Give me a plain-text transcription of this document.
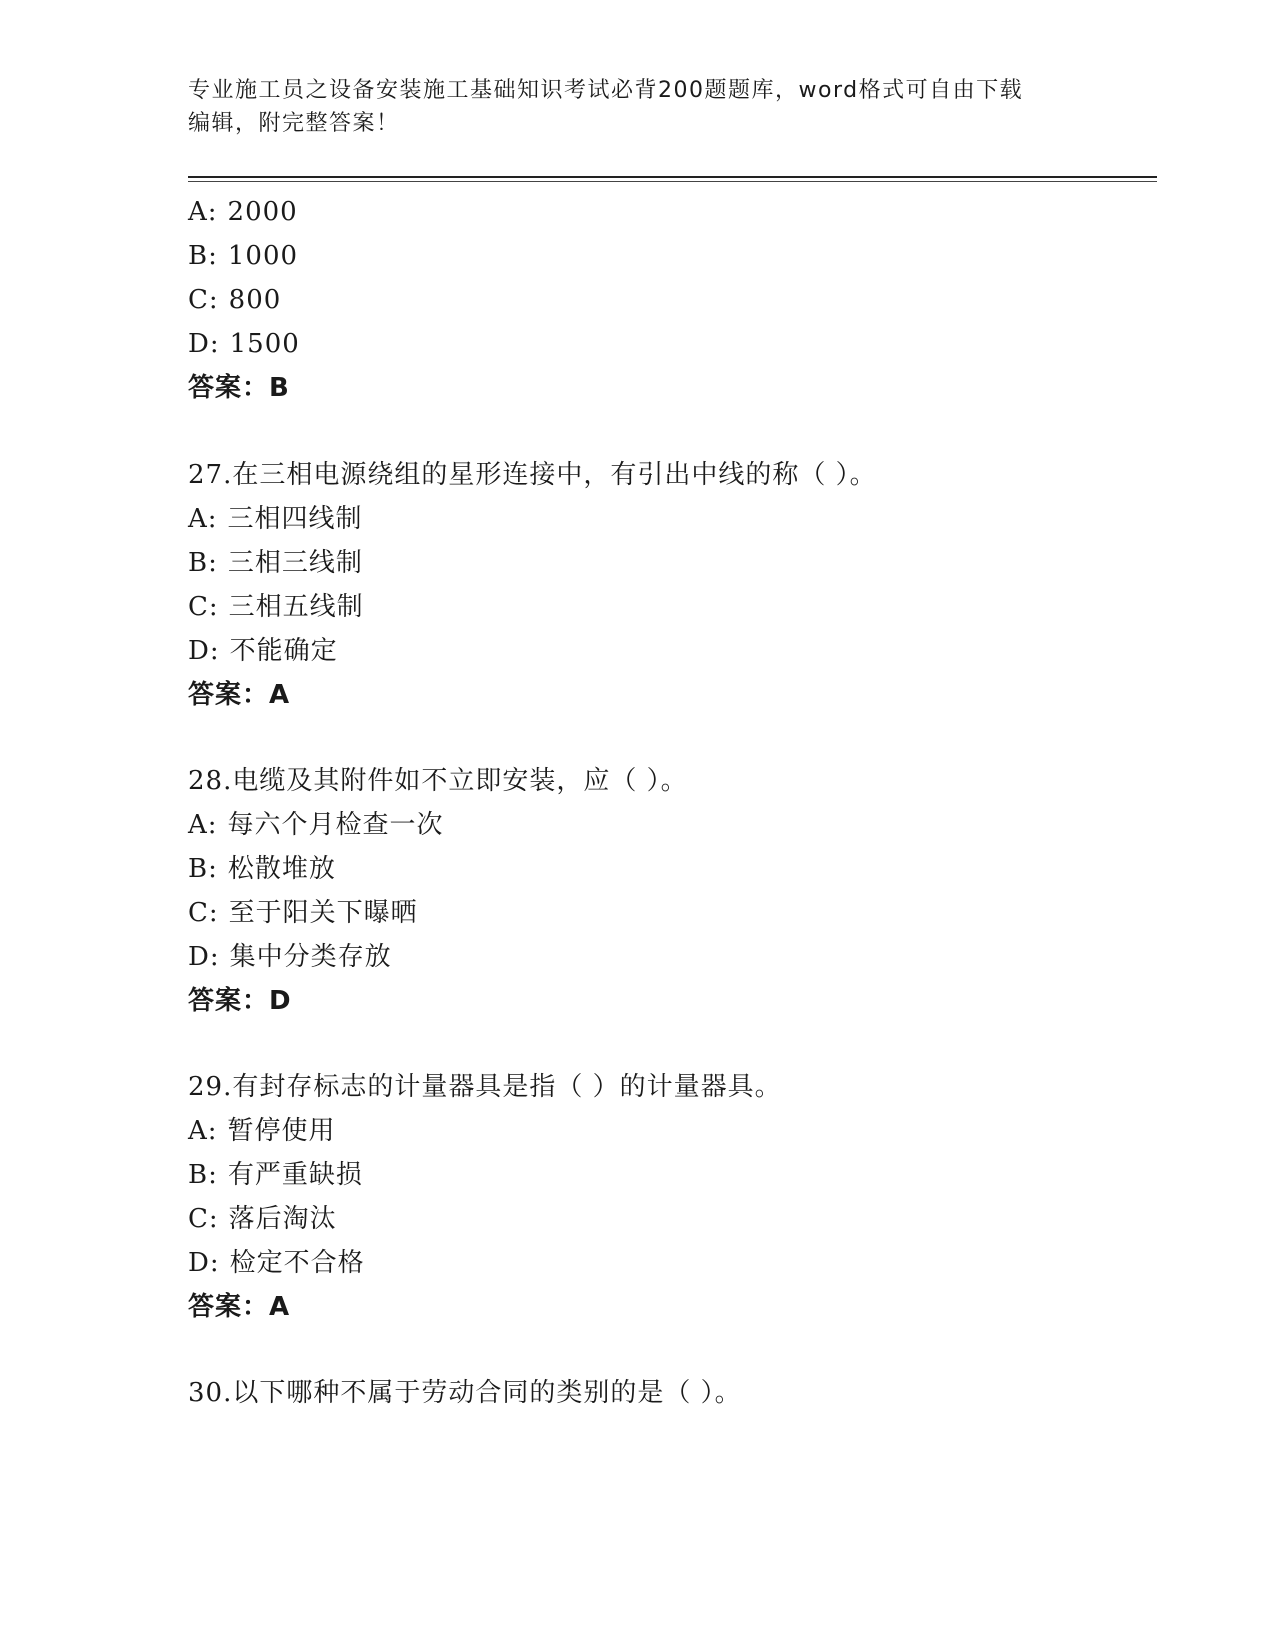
专业施工员之设备安装施工基础知识考试必背200题题库，word格式可自由下载
编辑，附完整答案！
A: 2000
B: 1000
C: 800
D: 1500
答案：B
27.在三相电源绕组的星形连接中，有引出中线的称（ ）。
A: 三相四线制
B: 三相三线制
C: 三相五线制
D: 不能确定
答案：A
28.电缆及其附件如不立即安装，应（ ）。
A: 每六个月检查一次
B: 松散堆放
C: 至于阳关下曝晒
D: 集中分类存放
答案：D
29.有封存标志的计量器具是指（ ）的计量器具。
A: 暂停使用
B: 有严重缺损
C: 落后淘汰
D: 检定不合格
答案：A
30.以下哪种不属于劳动合同的类别的是（ ）。
